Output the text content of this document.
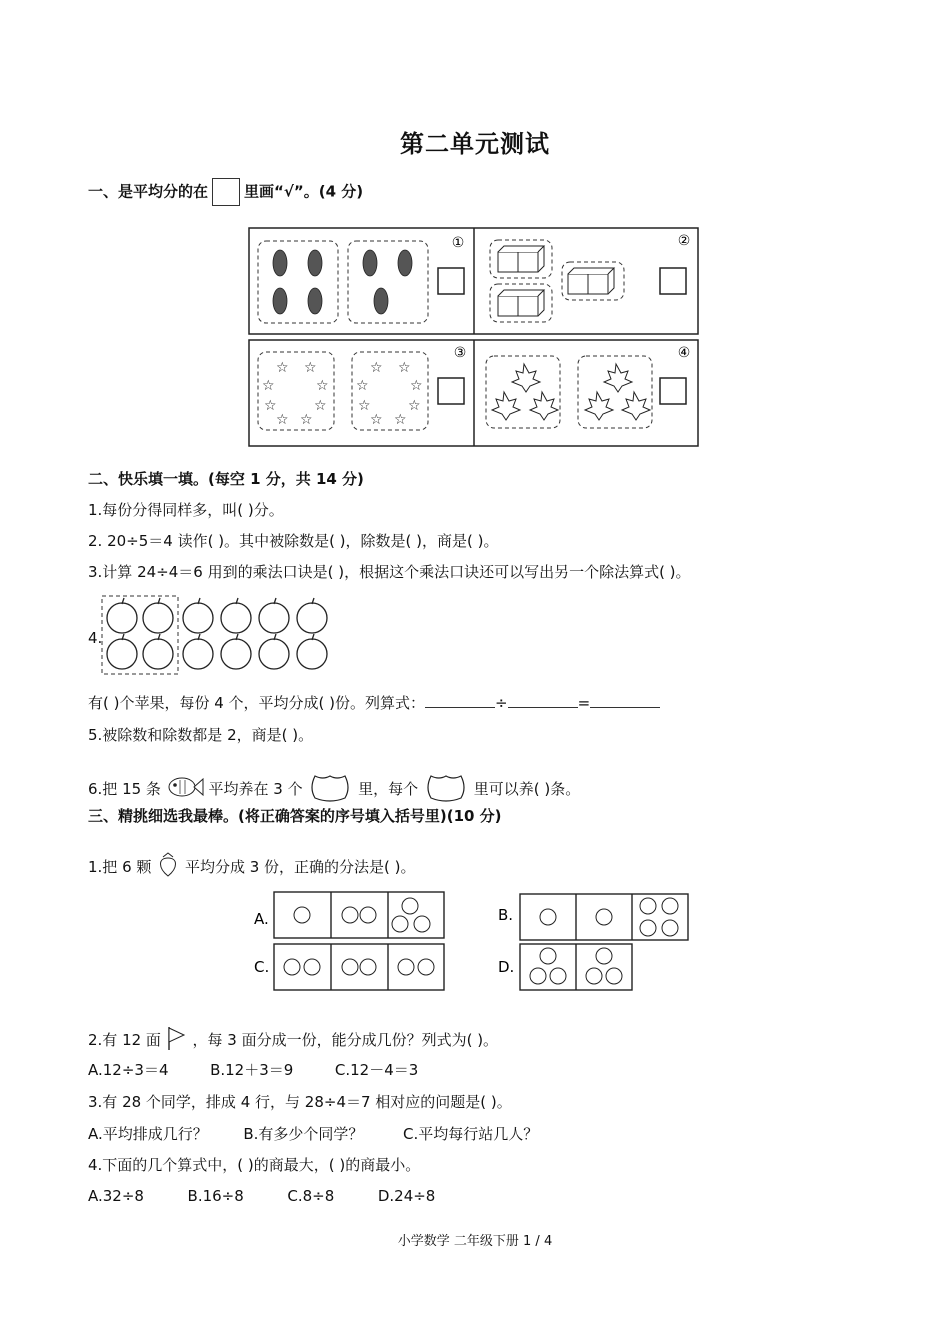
第二单元测试
一、是平均分的在 里画“√”。(4 分)
①	②
③	④
☆ ☆
☆	☆
☆	☆
☆ ☆
☆ ☆
☆	☆
☆	☆
☆ ☆
二、快乐填一填。(每空 1 分，共 14 分)
1.每份分得同样多，叫( )分。
2. 20÷5＝4 读作( )。其中被除数是( )，除数是( )，商是( )。
3.计算 24÷4＝6 用到的乘法口诀是( )，根据这个乘法口诀还可以写出另一个除法算式( )。
4.
有( )个苹果，每份 4 个，平均分成( )份。列算式：	÷	=
5.被除数和除数都是 2，商是( )。
6.把 15 条	平均养在 3 个	里，每个	里可以养( )条。
三、精挑细选我最棒。(将正确答案的序号填入括号里)(10 分)
1.把 6 颗 平均分成 3 份，正确的分法是( )。
A.
C.
B.
D.
2.有 12 面 ，每 3 面分成一份，能分成几份？列式为( )。
A.12÷3＝4	B.12＋3＝9	C.12－4＝3
3.有 28 个同学，排成 4 行，与 28÷4＝7 相对应的问题是( )。
A.平均排成几行？ B.有多少个同学？	C.平均每行站几人？
4.下面的几个算式中，( )的商最大，( )的商最小。
A.32÷8	B.16÷8	C.8÷8	D.24÷8
小学数学 二年级下册 1 / 4
